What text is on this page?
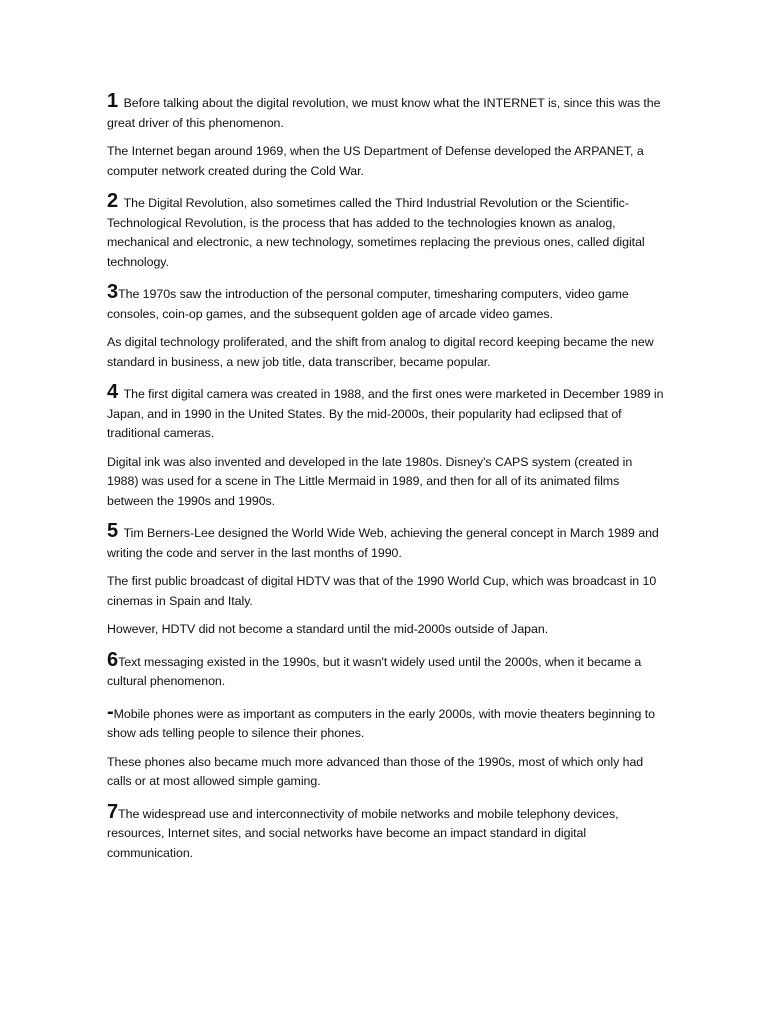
1 Before talking about the digital revolution, we must know what the INTERNET is, since this was the great driver of this phenomenon.

The Internet began around 1969, when the US Department of Defense developed the ARPANET, a computer network created during the Cold War.

2 The Digital Revolution, also sometimes called the Third Industrial Revolution or the Scientific-Technological Revolution, is the process that has added to the technologies known as analog, mechanical and electronic, a new technology, sometimes replacing the previous ones, called digital technology.

3The 1970s saw the introduction of the personal computer, timesharing computers, video game consoles, coin-op games, and the subsequent golden age of arcade video games.

As digital technology proliferated, and the shift from analog to digital record keeping became the new standard in business, a new job title, data transcriber, became popular.

4 The first digital camera was created in 1988, and the first ones were marketed in December 1989 in Japan, and in 1990 in the United States. By the mid-2000s, their popularity had eclipsed that of traditional cameras.

Digital ink was also invented and developed in the late 1980s. Disney's CAPS system (created in 1988) was used for a scene in The Little Mermaid in 1989, and then for all of its animated films between the 1990s and 1990s.

5 Tim Berners-Lee designed the World Wide Web, achieving the general concept in March 1989 and writing the code and server in the last months of 1990.

The first public broadcast of digital HDTV was that of the 1990 World Cup, which was broadcast in 10 cinemas in Spain and Italy.

However, HDTV did not become a standard until the mid-2000s outside of Japan.

6Text messaging existed in the 1990s, but it wasn't widely used until the 2000s, when it became a cultural phenomenon.

-Mobile phones were as important as computers in the early 2000s, with movie theaters beginning to show ads telling people to silence their phones.

These phones also became much more advanced than those of the 1990s, most of which only had calls or at most allowed simple gaming.

7The widespread use and interconnectivity of mobile networks and mobile telephony devices, resources, Internet sites, and social networks have become an impact standard in digital communication.
